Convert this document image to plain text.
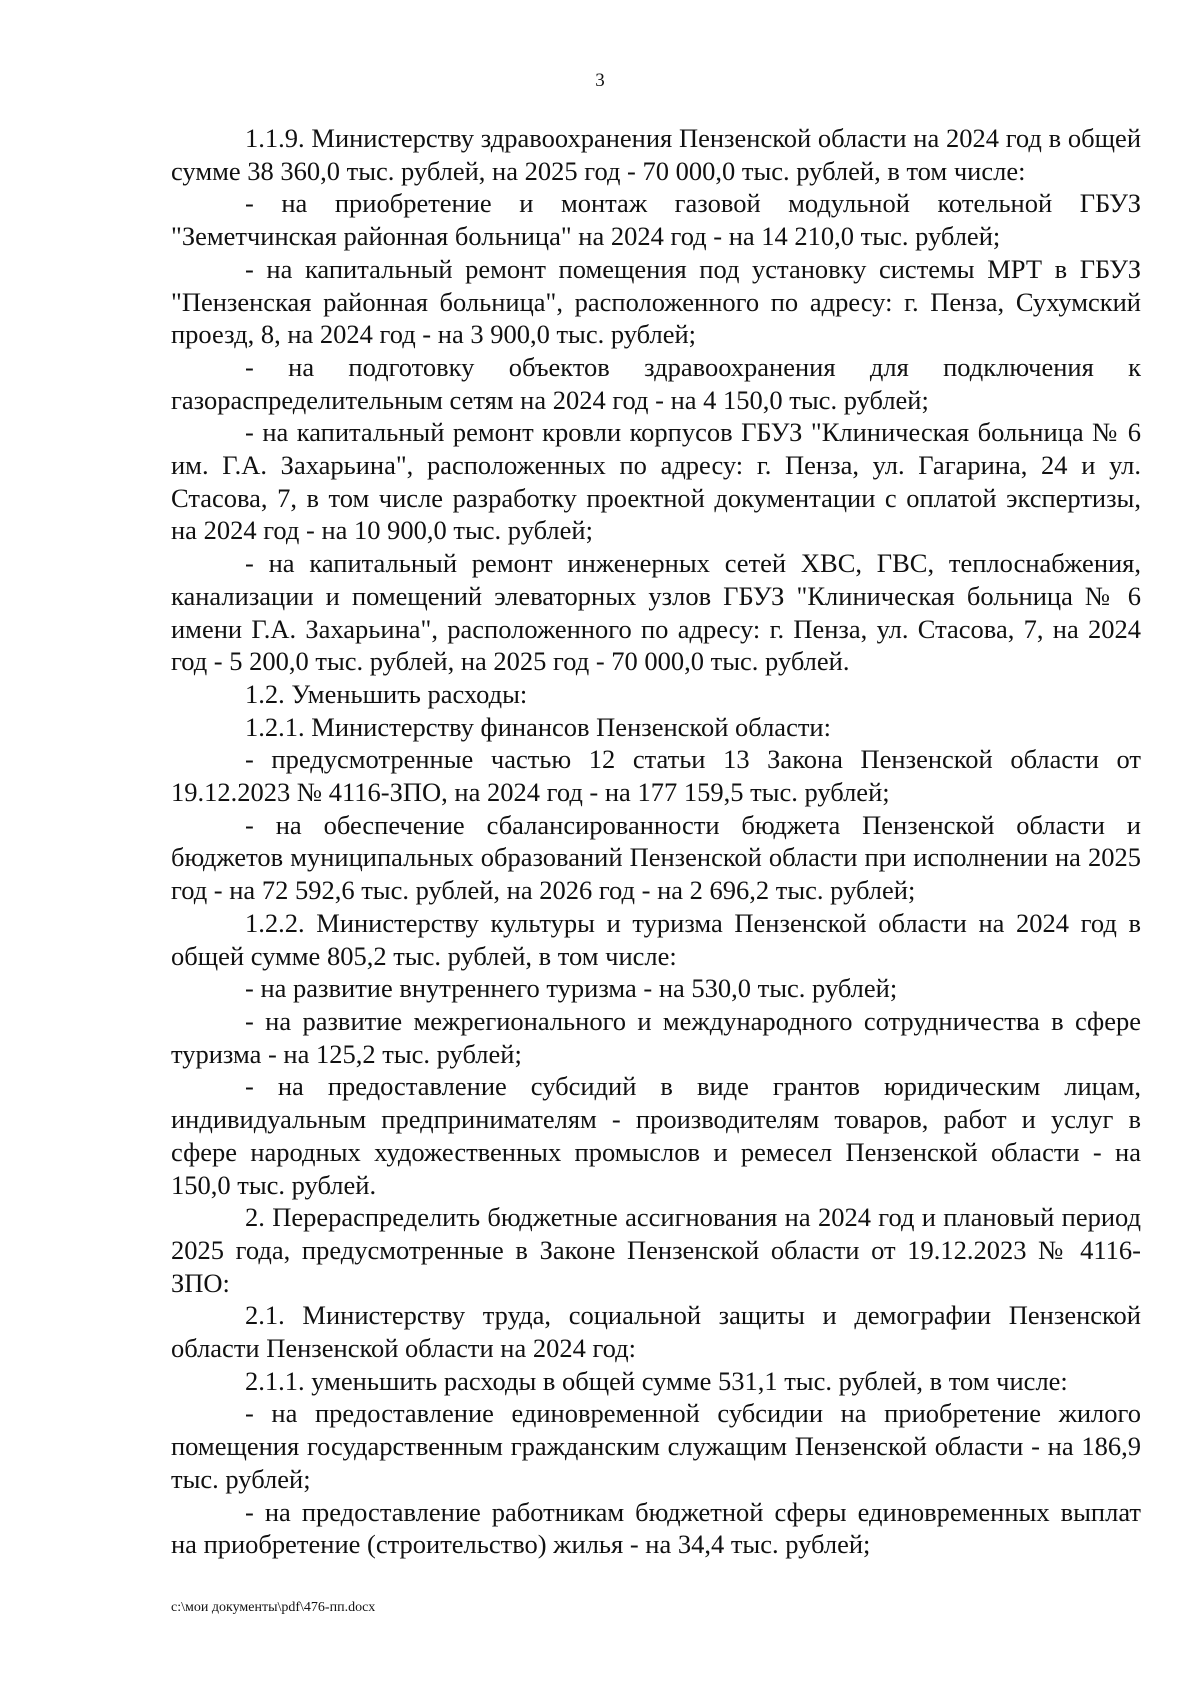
3

1.1.9. Министерству здравоохранения Пензенской области на 2024 год в общей сумме 38 360,0 тыс. рублей, на 2025 год - 70 000,0 тыс. рублей, в том числе:

- на приобретение и монтаж газовой модульной котельной ГБУЗ "Земетчинская районная больница" на 2024 год - на 14 210,0 тыс. рублей;

- на капитальный ремонт помещения под установку системы МРТ в ГБУЗ "Пензенская районная больница", расположенного по адресу: г. Пенза, Сухумский проезд, 8, на 2024 год - на 3 900,0 тыс. рублей;

- на подготовку объектов здравоохранения для подключения к газораспределительным сетям на 2024 год - на 4 150,0 тыс. рублей;

- на капитальный ремонт кровли корпусов ГБУЗ "Клиническая больница № 6 им. Г.А. Захарьина", расположенных по адресу: г. Пенза, ул. Гагарина, 24 и ул. Стасова, 7, в том числе разработку проектной документации с оплатой экспертизы, на 2024 год - на 10 900,0 тыс. рублей;

- на капитальный ремонт инженерных сетей ХВС, ГВС, теплоснабжения, канализации и помещений элеваторных узлов ГБУЗ "Клиническая больница № 6 имени Г.А. Захарьина", расположенного по адресу: г. Пенза, ул. Стасова, 7, на 2024 год - 5 200,0 тыс. рублей, на 2025 год - 70 000,0 тыс. рублей.

1.2. Уменьшить расходы:

1.2.1. Министерству финансов Пензенской области:

- предусмотренные частью 12 статьи 13 Закона Пензенской области от 19.12.2023 № 4116-ЗПО, на 2024 год - на 177 159,5 тыс. рублей;

- на обеспечение сбалансированности бюджета Пензенской области и бюджетов муниципальных образований Пензенской области при исполнении на 2025 год - на 72 592,6 тыс. рублей, на 2026 год - на 2 696,2 тыс. рублей;

1.2.2. Министерству культуры и туризма Пензенской области на 2024 год в общей сумме 805,2 тыс. рублей, в том числе:

- на развитие внутреннего туризма - на 530,0 тыс. рублей;

- на развитие межрегионального и международного сотрудничества в сфере туризма - на 125,2 тыс. рублей;

- на предоставление субсидий в виде грантов юридическим лицам, индивидуальным предпринимателям - производителям товаров, работ и услуг в сфере народных художественных промыслов и ремесел Пензенской области - на 150,0 тыс. рублей.

2. Перераспределить бюджетные ассигнования на 2024 год и плановый период 2025 года, предусмотренные в Законе Пензенской области от 19.12.2023 № 4116-ЗПО:

2.1. Министерству труда, социальной защиты и демографии Пензенской области Пензенской области на 2024 год:

2.1.1. уменьшить расходы в общей сумме 531,1 тыс. рублей, в том числе:

- на предоставление единовременной субсидии на приобретение жилого помещения государственным гражданским служащим Пензенской области - на 186,9 тыс. рублей;

- на предоставление работникам бюджетной сферы единовременных выплат на приобретение (строительство) жилья - на 34,4 тыс. рублей;

c:\мои документы\pdf\476-пп.docx
